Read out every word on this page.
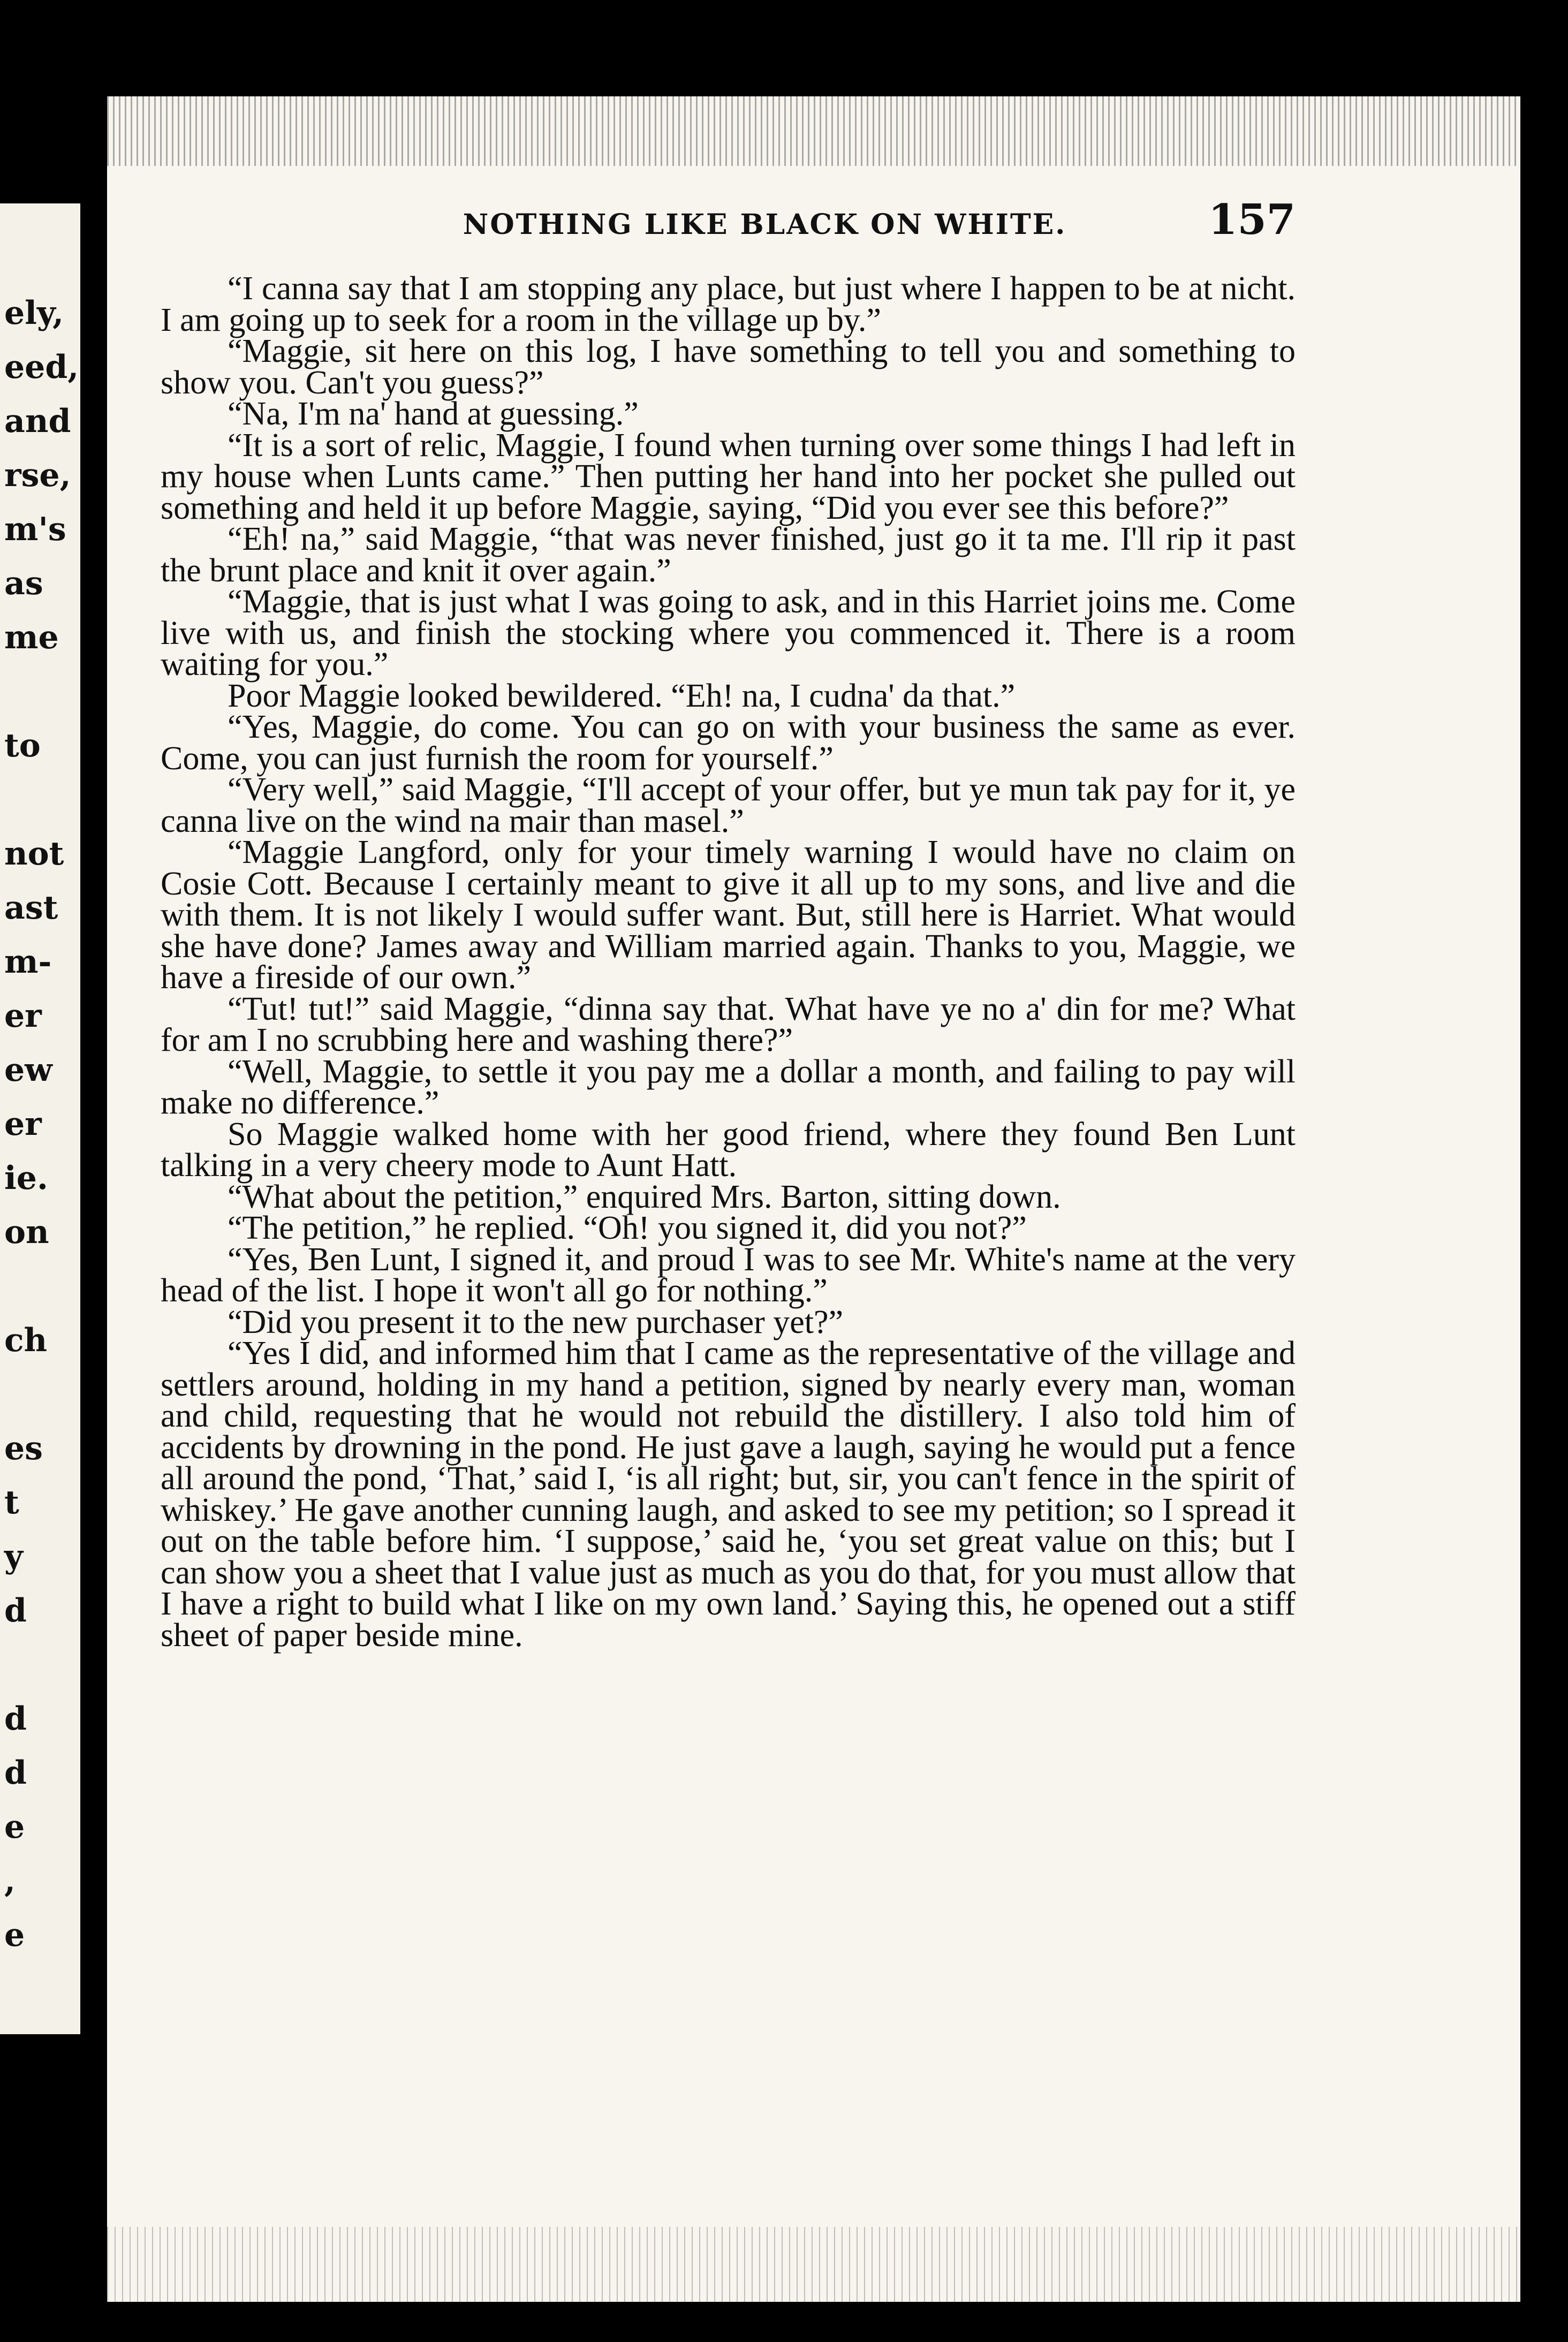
ely,
eed,
and
rse,
m's
as
me
to
not
ast
m-
er
ew
er
ie.
on
ch
es
t
y
d
d
d
e
,
e
NOTHING LIKE BLACK ON WHITE.	157

“I canna say that I am stopping any place, but just where I happen to be at nicht. I am going up to seek for a room in the village up by.”

“Maggie, sit here on this log, I have something to tell you and something to show you. Can't you guess?”

“Na, I'm na' hand at guessing.”

“It is a sort of relic, Maggie, I found when turning over some things I had left in my house when Lunts came.” Then putting her hand into her pocket she pulled out something and held it up before Maggie, saying, “Did you ever see this before?”

“Eh! na,” said Maggie, “that was never finished, just go it ta me. I'll rip it past the brunt place and knit it over again.”

“Maggie, that is just what I was going to ask, and in this Harriet joins me. Come live with us, and finish the stocking where you commenced it. There is a room waiting for you.”

Poor Maggie looked bewildered. “Eh! na, I cudna' da that.”

“Yes, Maggie, do come. You can go on with your business the same as ever. Come, you can just furnish the room for yourself.”

“Very well,” said Maggie, “I'll accept of your offer, but ye mun tak pay for it, ye canna live on the wind na mair than masel.”

“Maggie Langford, only for your timely warning I would have no claim on Cosie Cott. Because I certainly meant to give it all up to my sons, and live and die with them. It is not likely I would suffer want. But, still here is Harriet. What would she have done? James away and William married again. Thanks to you, Maggie, we have a fireside of our own.”

“Tut! tut!” said Maggie, “dinna say that. What have ye no a' din for me? What for am I no scrubbing here and washing there?”

“Well, Maggie, to settle it you pay me a dollar a month, and failing to pay will make no difference.”

So Maggie walked home with her good friend, where they found Ben Lunt talking in a very cheery mode to Aunt Hatt.

“What about the petition,” enquired Mrs. Barton, sitting down.

“The petition,” he replied. “Oh! you signed it, did you not?”

“Yes, Ben Lunt, I signed it, and proud I was to see Mr. White's name at the very head of the list. I hope it won't all go for nothing.”

“Did you present it to the new purchaser yet?”

“Yes I did, and informed him that I came as the representative of the village and settlers around, holding in my hand a petition, signed by nearly every man, woman and child, requesting that he would not rebuild the distillery. I also told him of accidents by drowning in the pond. He just gave a laugh, saying he would put a fence all around the pond, ‘That,’ said I, ‘is all right; but, sir, you can't fence in the spirit of whiskey.’ He gave another cunning laugh, and asked to see my petition; so I spread it out on the table before him. ‘I suppose,’ said he, ‘you set great value on this; but I can show you a sheet that I value just as much as you do that, for you must allow that I have a right to build what I like on my own land.’ Saying this, he opened out a stiff sheet of paper beside mine.
